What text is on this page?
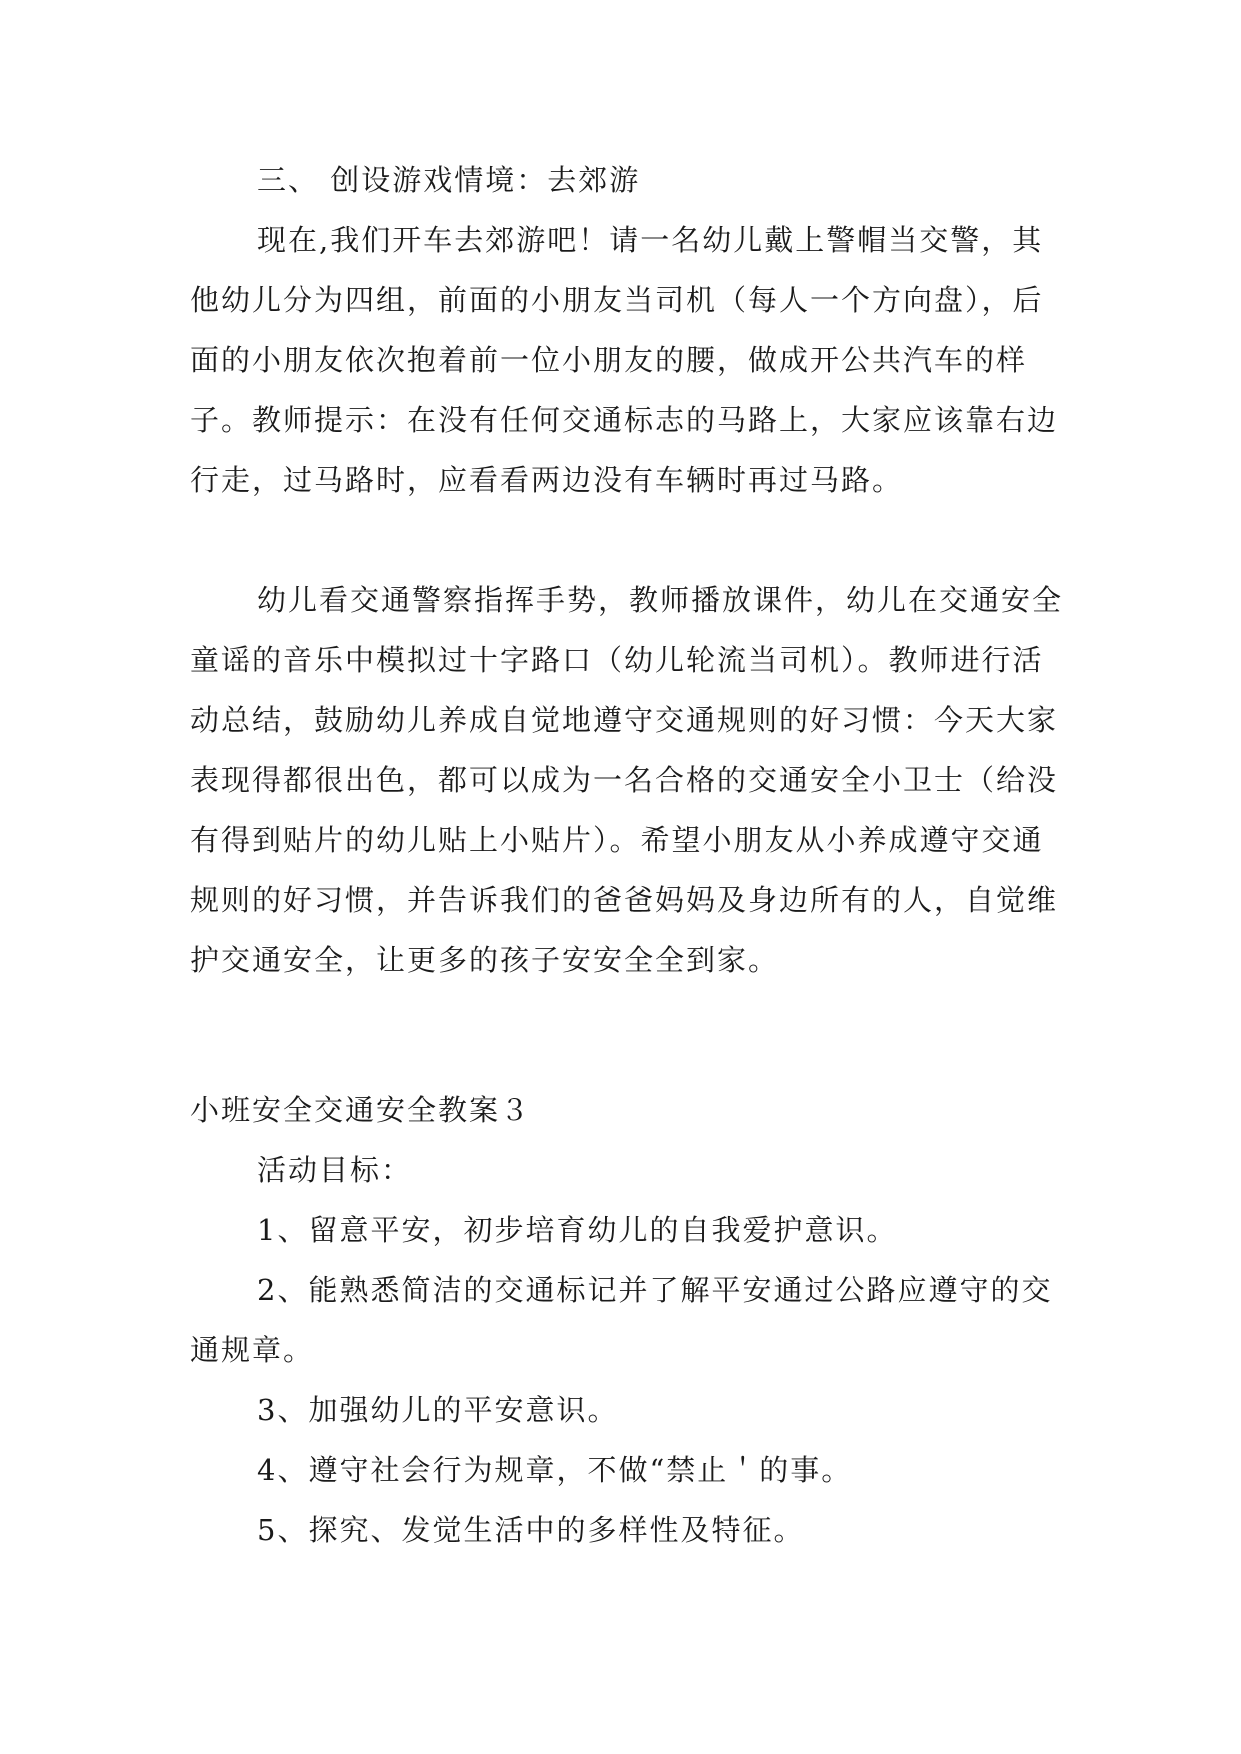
三、 创设游戏情境：去郊游

现在,我们开车去郊游吧！请一名幼儿戴上警帽当交警，其他幼儿分为四组，前面的小朋友当司机（每人一个方向盘），后面的小朋友依次抱着前一位小朋友的腰，做成开公共汽车的样子。教师提示：在没有任何交通标志的马路上，大家应该靠右边行走，过马路时，应看看两边没有车辆时再过马路。

幼儿看交通警察指挥手势，教师播放课件，幼儿在交通安全童谣的音乐中模拟过十字路口（幼儿轮流当司机）。教师进行活动总结，鼓励幼儿养成自觉地遵守交通规则的好习惯：今天大家表现得都很出色，都可以成为一名合格的交通安全小卫士（给没有得到贴片的幼儿贴上小贴片）。希望小朋友从小养成遵守交通规则的好习惯，并告诉我们的爸爸妈妈及身边所有的人，自觉维护交通安全，让更多的孩子安安全全到家。

小班安全交通安全教案３

活动目标：

1、留意平安，初步培育幼儿的自我爱护意识。

2、能熟悉简洁的交通标记并了解平安通过公路应遵守的交通规章。

3、加强幼儿的平安意识。

4、遵守社会行为规章，不做“禁止＇的事。

5、探究、发觉生活中的多样性及特征。
